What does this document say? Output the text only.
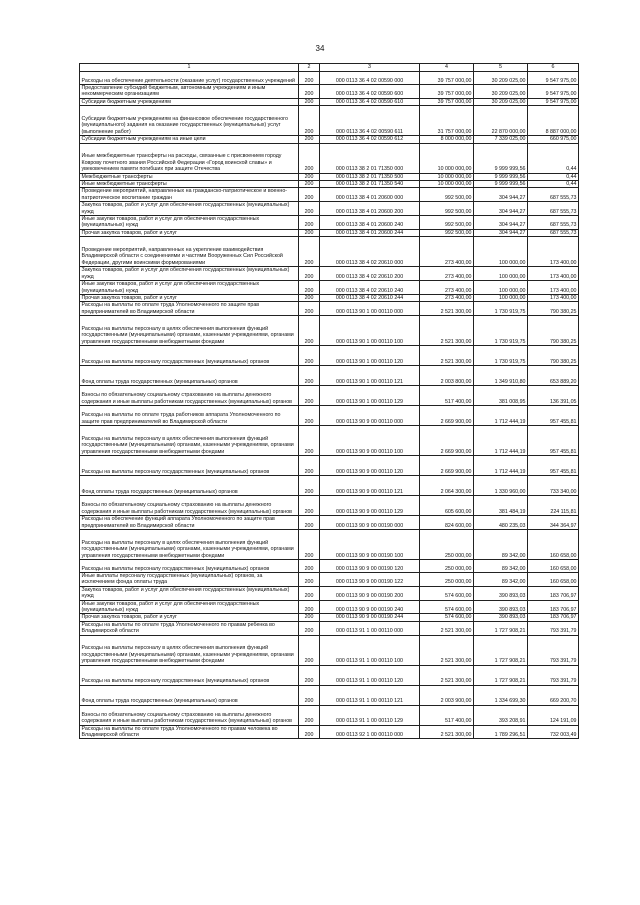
34
1	2	3	4	5	6
Расходы на обеспечение деятельности (оказание услуг) государственных учреждений	200	000 0113 36 4 02 00590 000	39 757 000,00	30 209 025,00	9 547 975,00
Предоставление субсидий бюджетным, автономным учреждениям и иным некоммерческим организациям	200	000 0113 36 4 02 00590 600	39 757 000,00	30 209 025,00	9 547 975,00
Субсидии бюджетным учреждениям	200	000 0113 36 4 02 00590 610	39 757 000,00	30 209 025,00	9 547 975,00
Субсидии бюджетным учреждениям на финансовое обеспечение государственного (муниципального) задания на оказание государственных (муниципальных) услуг (выполнение работ)	200	000 0113 36 4 02 00590 611	31 757 000,00	22 870 000,00	8 887 000,00
Субсидии бюджетным учреждениям на иные цели	200	000 0113 36 4 02 00590 612	8 000 000,00	7 339 025,00	660 975,00
Иные межбюджетные трансферты на расходы, связанные с присвоением городу Коврову почетного звания Российской Федерации «Город воинской славы» и увековечением памяти погибших при защите Отечества	200	000 0113 38 2 01 71350 000	10 000 000,00	9 999 999,56	0,44
Межбюджетные трансферты	200	000 0113 38 2 01 71350 500	10 000 000,00	9 999 999,56	0,44
Иные межбюджетные трансферты	200	000 0113 38 2 01 71350 540	10 000 000,00	9 999 999,56	0,44
Проведение мероприятий, направленных на гражданско-патриотическое и военно-патриотическое воспитание граждан	200	000 0113 38 4 01 20600 000	992 500,00	304 944,27	687 555,73
Закупка товаров, работ и услуг для обеспечения государственных (муниципальных) нужд	200	000 0113 38 4 01 20600 200	992 500,00	304 944,27	687 555,73
Иные закупки товаров, работ и услуг для обеспечения государственных (муниципальных) нужд	200	000 0113 38 4 01 20600 240	992 500,00	304 944,27	687 555,73
Прочая закупка товаров, работ и услуг	200	000 0113 38 4 01 20600 244	992 500,00	304 944,27	687 555,73
Проведение мероприятий, направленных на укрепление взаимодействия Владимирской области с соединениями и частями Вооруженных Сил Российской Федерации, другими воинскими формированиями	200	000 0113 38 4 02 20610 000	273 400,00	100 000,00	173 400,00
Закупка товаров, работ и услуг для обеспечения государственных (муниципальных) нужд	200	000 0113 38 4 02 20610 200	273 400,00	100 000,00	173 400,00
Иные закупки товаров, работ и услуг для обеспечения государственных (муниципальных) нужд	200	000 0113 38 4 02 20610 240	273 400,00	100 000,00	173 400,00
Прочая закупка товаров, работ и услуг	200	000 0113 38 4 02 20610 244	273 400,00	100 000,00	173 400,00
Расходы на выплаты по оплате труда Уполномоченного по защите прав предпринимателей во Владимирской области	200	000 0113 90 1 00 00110 000	2 521 300,00	1 730 919,75	790 380,25
Расходы на выплаты персоналу в целях обеспечения выполнения функций государственными (муниципальными) органами, казенными учреждениями, органами управления государственными внебюджетными фондами	200	000 0113 90 1 00 00110 100	2 521 300,00	1 730 919,75	790 380,25
Расходы на выплаты персоналу государственных (муниципальных) органов	200	000 0113 90 1 00 00110 120	2 521 300,00	1 730 919,75	790 380,25
Фонд оплаты труда государственных (муниципальных) органов	200	000 0113 90 1 00 00110 121	2 003 800,00	1 349 910,80	653 889,20
Взносы по обязательному социальному страхованию на выплаты денежного содержания и иные выплаты работникам государственных (муниципальных) органов	200	000 0113 90 1 00 00110 129	517 400,00	381 008,95	136 391,05
Расходы на выплаты по оплате труда работников аппарата Уполномоченного по защите прав предпринимателей во Владимирской области	200	000 0113 90 9 00 00110 000	2 669 900,00	1 712 444,19	957 455,81
Расходы на выплаты персоналу в целях обеспечения выполнения функций государственными (муниципальными) органами, казенными учреждениями, органами управления государственными внебюджетными фондами	200	000 0113 90 9 00 00110 100	2 669 900,00	1 712 444,19	957 455,81
Расходы на выплаты персоналу государственных (муниципальных) органов	200	000 0113 90 9 00 00110 120	2 669 900,00	1 712 444,19	957 455,81
Фонд оплаты труда государственных (муниципальных) органов	200	000 0113 90 9 00 00110 121	2 064 300,00	1 330 960,00	733 340,00
Взносы по обязательному социальному страхованию на выплаты денежного содержания и иные выплаты работникам государственных (муниципальных) органов	200	000 0113 90 9 00 00110 129	605 600,00	381 484,19	224 115,81
Расходы на обеспечение функций аппарата Уполномоченного по защите прав предпринимателей во Владимирской области	200	000 0113 90 9 00 00190 000	824 600,00	480 235,03	344 364,97
Расходы на выплаты персоналу в целях обеспечения выполнения функций государственными (муниципальными) органами, казенными учреждениями, органами управления государственными внебюджетными фондами	200	000 0113 90 9 00 00190 100	250 000,00	89 342,00	160 658,00
Расходы на выплаты персоналу государственных (муниципальных) органов	200	000 0113 90 9 00 00190 120	250 000,00	89 342,00	160 658,00
Иные выплаты персоналу государственных (муниципальных) органов, за исключением фонда оплаты труда	200	000 0113 90 9 00 00190 122	250 000,00	89 342,00	160 658,00
Закупка товаров, работ и услуг для обеспечения государственных (муниципальных) нужд	200	000 0113 90 9 00 00190 200	574 600,00	390 893,03	183 706,97
Иные закупки товаров, работ и услуг для обеспечения государственных (муниципальных) нужд	200	000 0113 90 9 00 00190 240	574 600,00	390 893,03	183 706,97
Прочая закупка товаров, работ и услуг	200	000 0113 90 9 00 00190 244	574 600,00	390 893,03	183 706,97
Расходы на выплаты по оплате труда Уполномоченного по правам ребенка во Владимирской области	200	000 0113 91 1 00 00110 000	2 521 300,00	1 727 908,21	793 391,79
Расходы на выплаты персоналу в целях обеспечения выполнения функций государственными (муниципальными) органами, казенными учреждениями, органами управления государственными внебюджетными фондами	200	000 0113 91 1 00 00110 100	2 521 300,00	1 727 908,21	793 391,79
Расходы на выплаты персоналу государственных (муниципальных) органов	200	000 0113 91 1 00 00110 120	2 521 300,00	1 727 908,21	793 391,79
Фонд оплаты труда государственных (муниципальных) органов	200	000 0113 91 1 00 00110 121	2 003 900,00	1 334 699,30	669 200,70
Взносы по обязательному социальному страхованию на выплаты денежного содержания и иные выплаты работникам государственных (муниципальных) органов	200	000 0113 91 1 00 00110 129	517 400,00	393 208,91	124 191,09
Расходы на выплаты по оплате труда Уполномоченного по правам человека во Владимирской области	200	000 0113 92 1 00 00110 000	2 521 300,00	1 789 296,51	732 003,49
